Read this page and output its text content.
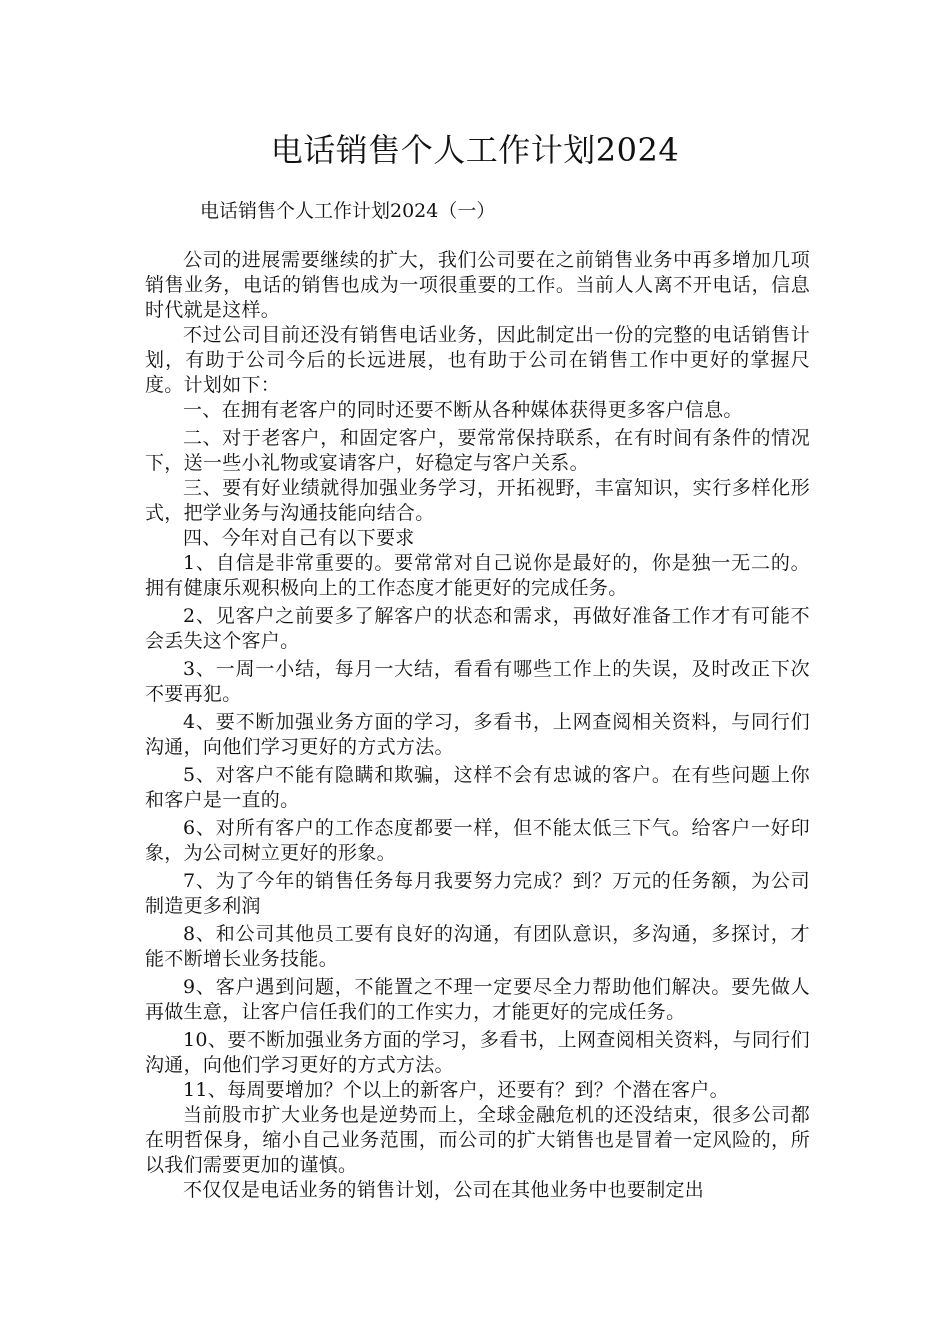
电话销售个人工作计划2024

电话销售个人工作计划2024（一）

公司的进展需要继续的扩大，我们公司要在之前销售业务中再多增加几项销售业务，电话的销售也成为一项很重要的工作。当前人人离不开电话，信息时代就是这样。

不过公司目前还没有销售电话业务，因此制定出一份的完整的电话销售计划，有助于公司今后的长远进展，也有助于公司在销售工作中更好的掌握尺度。计划如下：

一、在拥有老客户的同时还要不断从各种媒体获得更多客户信息。

二、对于老客户，和固定客户，要常常保持联系，在有时间有条件的情况下，送一些小礼物或宴请客户，好稳定与客户关系。

三、要有好业绩就得加强业务学习，开拓视野，丰富知识，实行多样化形式，把学业务与沟通技能向结合。

四、今年对自己有以下要求

1、自信是非常重要的。要常常对自己说你是最好的，你是独一无二的。拥有健康乐观积极向上的工作态度才能更好的完成任务。

2、见客户之前要多了解客户的状态和需求，再做好准备工作才有可能不会丢失这个客户。

3、一周一小结，每月一大结，看看有哪些工作上的失误，及时改正下次不要再犯。

4、要不断加强业务方面的学习，多看书，上网查阅相关资料，与同行们沟通，向他们学习更好的方式方法。

5、对客户不能有隐瞒和欺骗，这样不会有忠诚的客户。在有些问题上你和客户是一直的。

6、对所有客户的工作态度都要一样，但不能太低三下气。给客户一好印象，为公司树立更好的形象。

7、为了今年的销售任务每月我要努力完成？到？万元的任务额，为公司制造更多利润

8、和公司其他员工要有良好的沟通，有团队意识，多沟通，多探讨，才能不断增长业务技能。

9、客户遇到问题，不能置之不理一定要尽全力帮助他们解决。要先做人再做生意，让客户信任我们的工作实力，才能更好的完成任务。

10、要不断加强业务方面的学习，多看书，上网查阅相关资料，与同行们沟通，向他们学习更好的方式方法。

11、每周要增加？个以上的新客户，还要有？到？个潜在客户。

当前股市扩大业务也是逆势而上，全球金融危机的还没结束，很多公司都在明哲保身，缩小自己业务范围，而公司的扩大销售也是冒着一定风险的，所以我们需要更加的谨慎。

不仅仅是电话业务的销售计划，公司在其他业务中也要制定出
